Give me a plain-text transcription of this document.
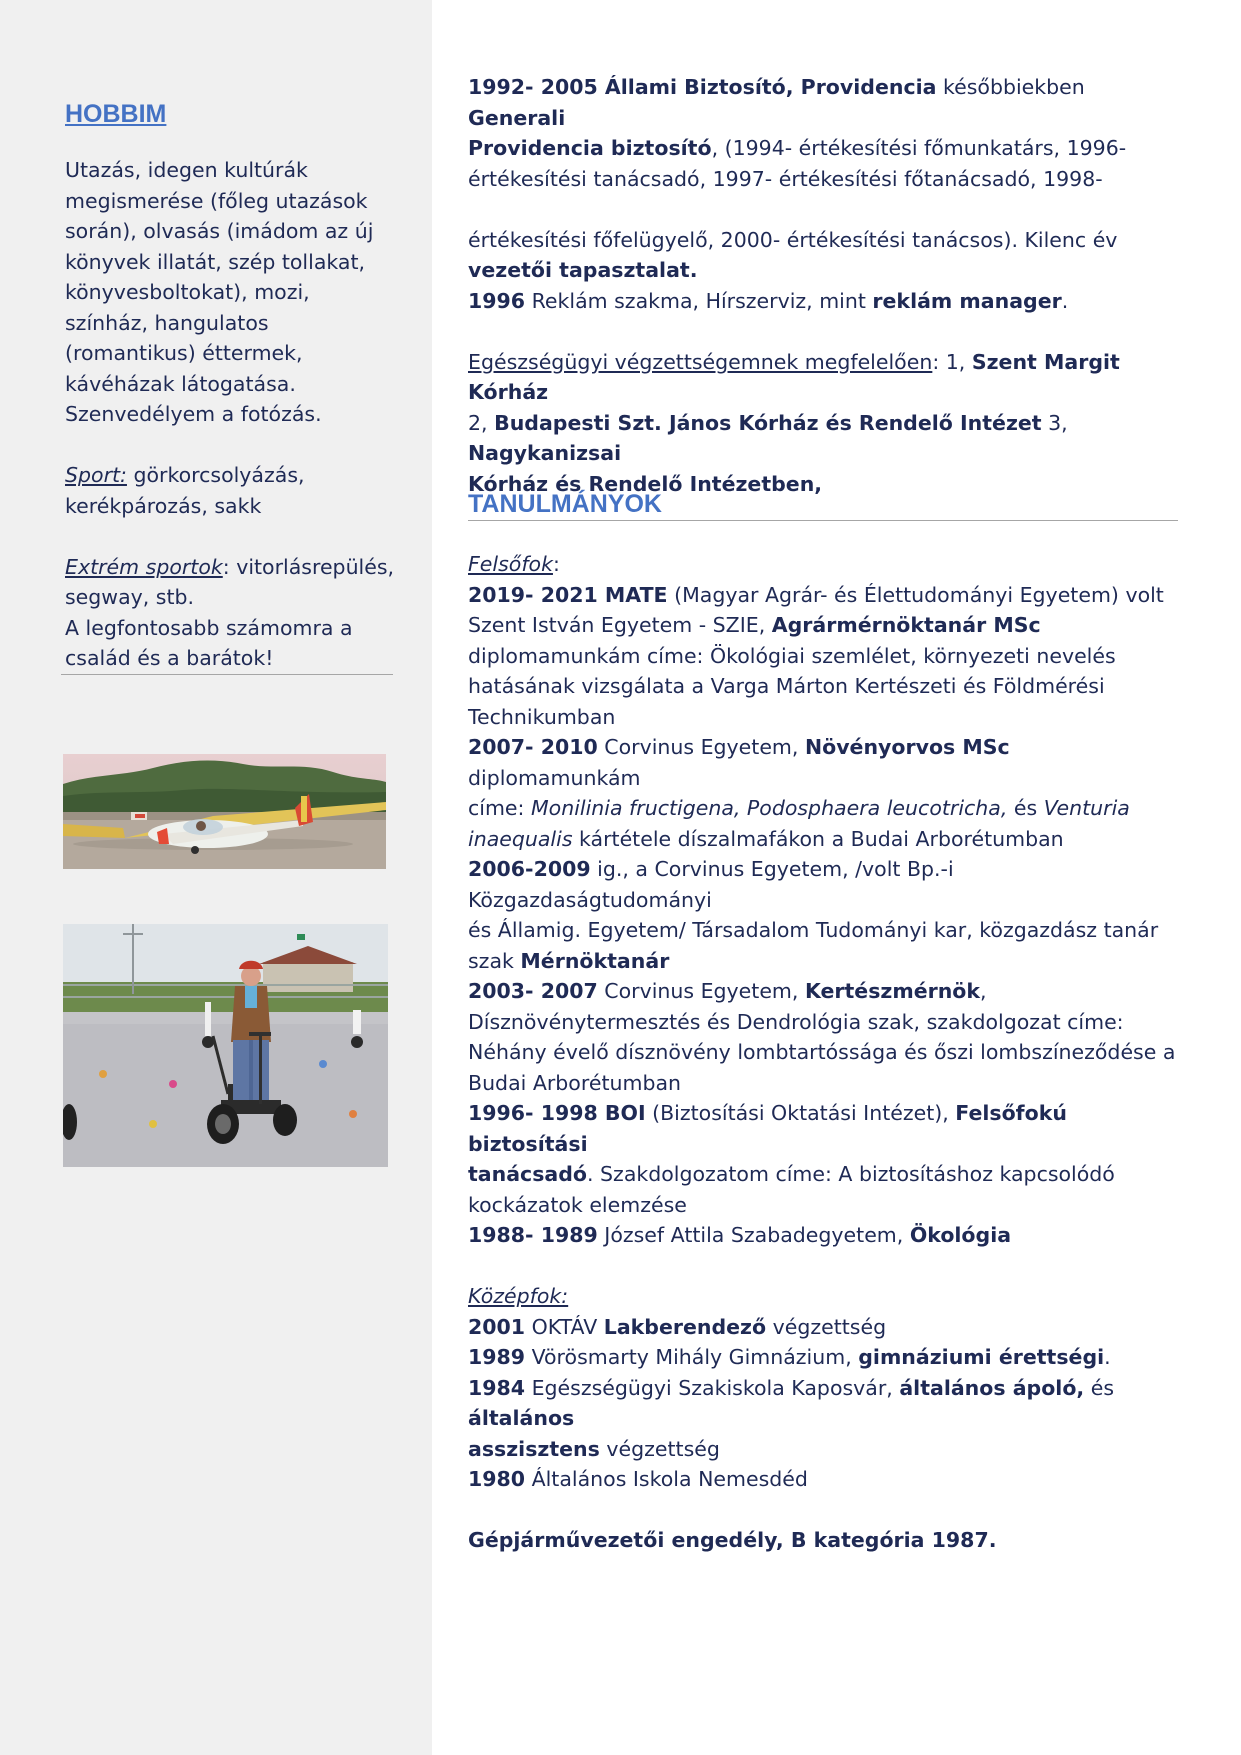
HOBBIM

Utazás, idegen kultúrák

megismerése (főleg utazások

során), olvasás (imádom az új

könyvek illatát, szép tollakat,

könyvesboltokat), mozi,

színház, hangulatos

(romantikus) éttermek,

kávéházak látogatása.

Szenvedélyem a fotózás.

Sport: görkorcsolyázás,

kerékpározás, sakk

Extrém sportok: vitorlásrepülés,

segway, stb.

A legfontosabb számomra a

család és a barátok!

1992- 2005 Állami Biztosító, Providencia későbbiekben Generali

Providencia biztosító, (1994- értékesítési főmunkatárs, 1996-

értékesítési tanácsadó, 1997- értékesítési főtanácsadó, 1998-

értékesítési főfelügyelő, 2000- értékesítési tanácsos). Kilenc év

vezetői tapasztalat.

1996 Reklám szakma, Hírszerviz, mint reklám manager.

Egészségügyi végzettségemnek megfelelően: 1, Szent Margit Kórház

2, Budapesti Szt. János Kórház és Rendelő Intézet 3, Nagykanizsai

Kórház és Rendelő Intézetben,

TANULMÁNYOK

Felsőfok:

2019- 2021 MATE (Magyar Agrár- és Élettudományi Egyetem) volt

Szent István Egyetem - SZIE, Agrármérnöktanár MSc

diplomamunkám címe: Ökológiai szemlélet, környezeti nevelés

hatásának vizsgálata a Varga Márton Kertészeti és Földmérési

Technikumban

2007- 2010 Corvinus Egyetem, Növényorvos MSc diplomamunkám

címe: Monilinia fructigena, Podosphaera leucotricha, és Venturia

inaequalis kártétele díszalmafákon a Budai Arborétumban

2006-2009 ig., a Corvinus Egyetem, /volt Bp.-i Közgazdaságtudományi

és Államig. Egyetem/ Társadalom Tudományi kar, közgazdász tanár

szak Mérnöktanár

2003- 2007 Corvinus Egyetem, Kertészmérnök,

Dísznövénytermesztés és Dendrológia szak, szakdolgozat címe:

Néhány évelő dísznövény lombtartóssága és őszi lombszíneződése a

Budai Arborétumban

1996- 1998 BOI (Biztosítási Oktatási Intézet), Felsőfokú biztosítási

tanácsadó. Szakdolgozatom címe: A biztosításhoz kapcsolódó

kockázatok elemzése

1988- 1989 József Attila Szabadegyetem, Ökológia

Középfok:

2001 OKTÁV Lakberendező végzettség

1989 Vörösmarty Mihály Gimnázium, gimnáziumi érettségi.

1984 Egészségügyi Szakiskola Kaposvár, általános ápoló, és általános

asszisztens végzettség

1980 Általános Iskola Nemesdéd

Gépjárművezetői engedély, B kategória 1987.
